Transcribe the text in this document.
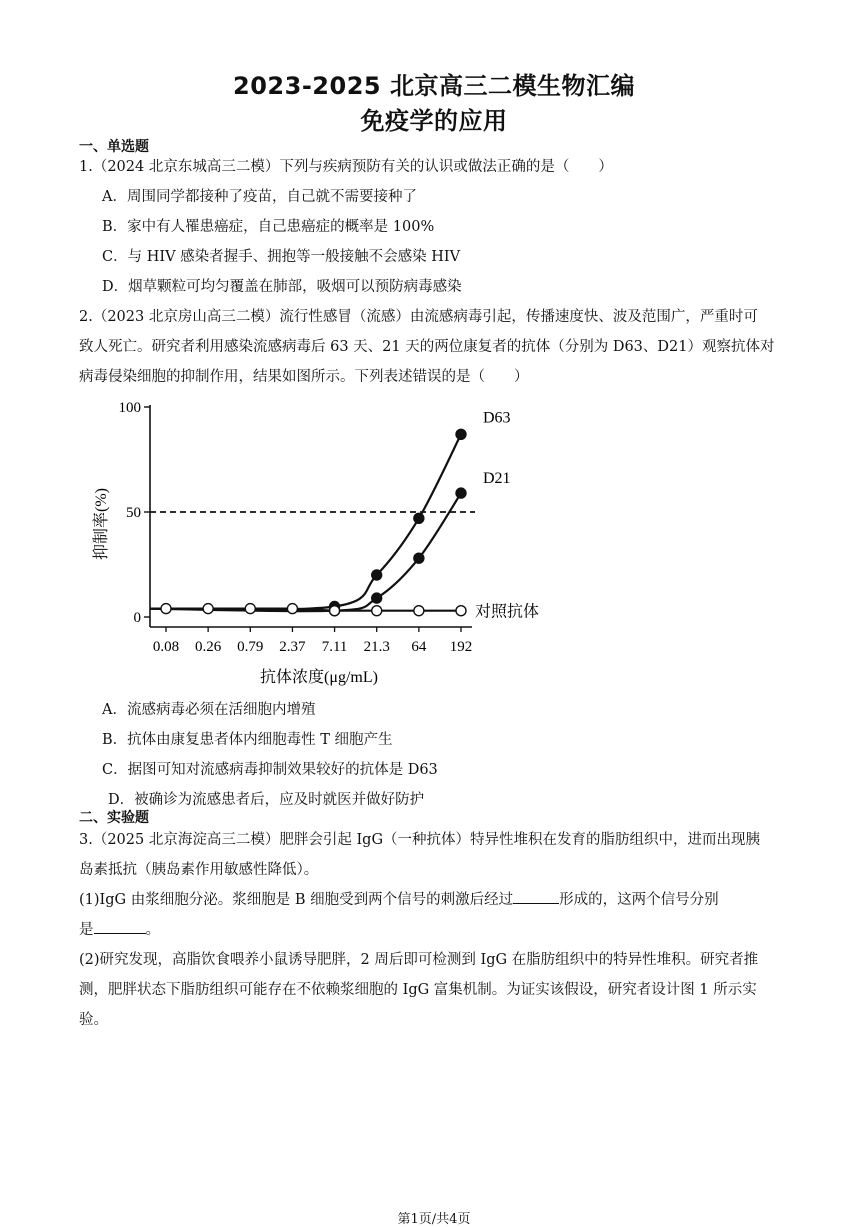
2023-2025 北京高三二模生物汇编
免疫学的应用
一、单选题
1.（2024 北京东城高三二模）下列与疾病预防有关的认识或做法正确的是（　　）
A．周围同学都接种了疫苗，自己就不需要接种了
B．家中有人罹患癌症，自己患癌症的概率是 100%
C．与 HIV 感染者握手、拥抱等一般接触不会感染 HIV
D．烟草颗粒可均匀覆盖在肺部，吸烟可以预防病毒感染
2.（2023 北京房山高三二模）流行性感冒（流感）由流感病毒引起，传播速度快、波及范围广，严重时可
致人死亡。研究者利用感染流感病毒后 63 天、21 天的两位康复者的抗体（分别为 D63、D21）观察抗体对
病毒侵染细胞的抑制作用，结果如图所示。下列表述错误的是（　　）
0
50
100
0.08 0.26 0.79 2.37 7.11 21.3 64 192
抗体浓度(μg/mL)
抑制率(%)
D63
D21
对照抗体
A．流感病毒必须在活细胞内增殖
B．抗体由康复患者体内细胞毒性 T 细胞产生
C．据图可知对流感病毒抑制效果较好的抗体是 D63
D．被确诊为流感患者后，应及时就医并做好防护
二、实验题
3.（2025 北京海淀高三二模）肥胖会引起 IgG（一种抗体）特异性堆积在发育的脂肪组织中，进而出现胰
岛素抵抗（胰岛素作用敏感性降低）。
(1)IgG 由浆细胞分泌。浆细胞是 B 细胞受到两个信号的刺激后经过	形成的，这两个信号分别
是	。
(2)研究发现，高脂饮食喂养小鼠诱导肥胖，2 周后即可检测到 IgG 在脂肪组织中的特异性堆积。研究者推
测，肥胖状态下脂肪组织可能存在不依赖浆细胞的 IgG 富集机制。为证实该假设，研究者设计图 1 所示实
验。
第1页/共4页
